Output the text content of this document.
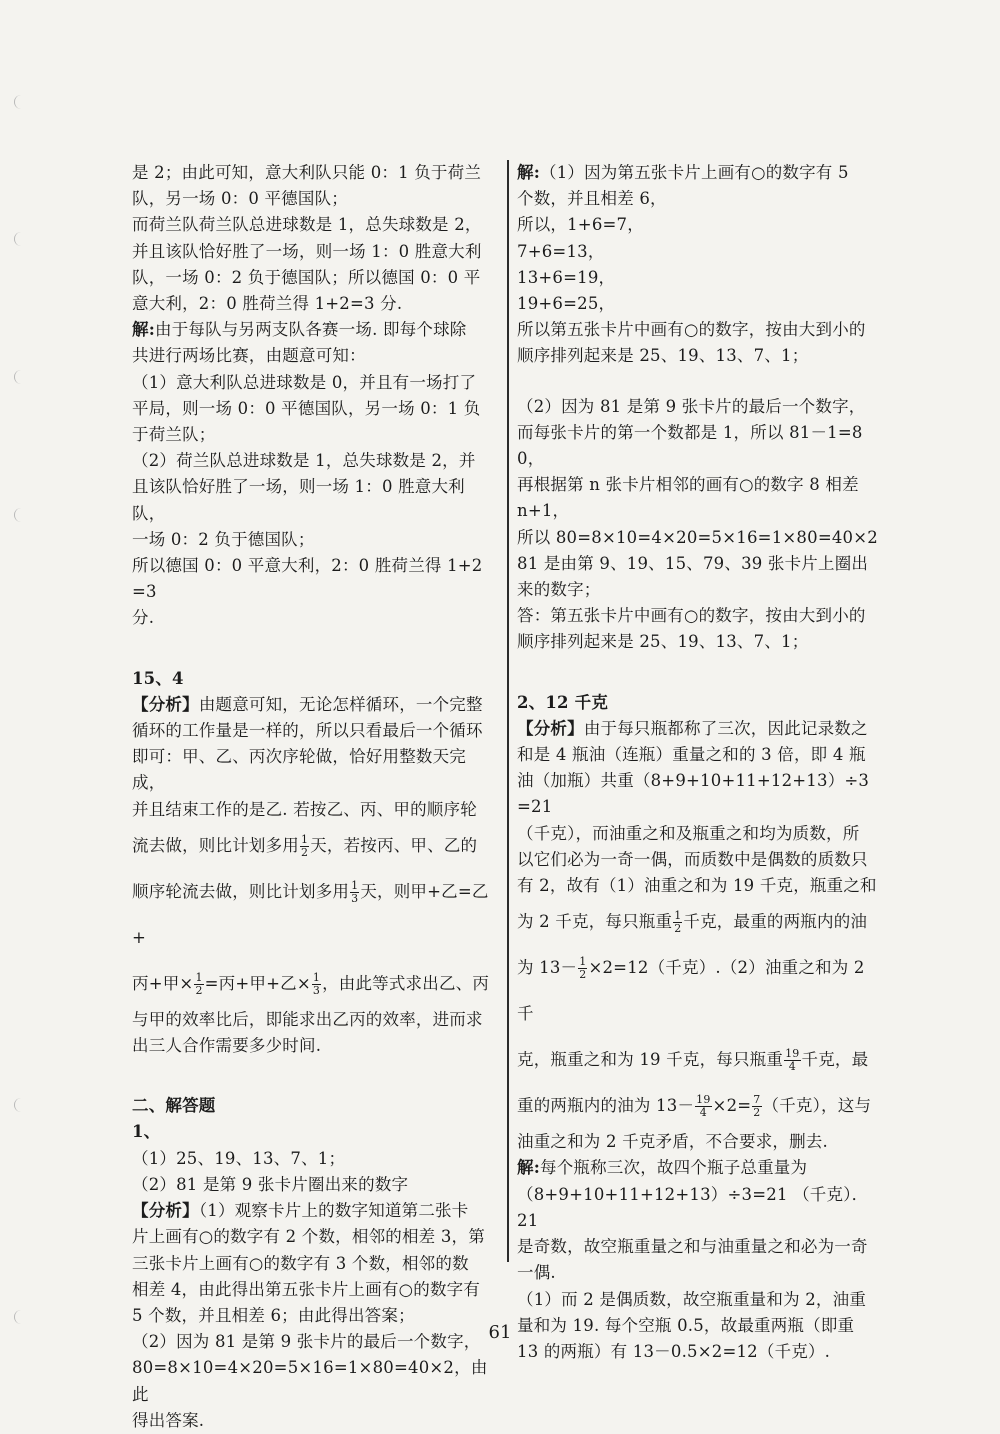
是 2；由此可知，意大利队只能 0：1 负于荷兰

队，另一场 0：0 平德国队；

而荷兰队荷兰队总进球数是 1，总失球数是 2，

并且该队恰好胜了一场，则一场 1：0 胜意大利

队，一场 0：2 负于德国队；所以德国 0：0 平

意大利，2：0 胜荷兰得 1+2=3 分.

解:由于每队与另两支队各赛一场. 即每个球除

共进行两场比赛，由题意可知：

（1）意大利队总进球数是 0，并且有一场打了

平局，则一场 0：0 平德国队，另一场 0：1 负

于荷兰队；

（2）荷兰队总进球数是 1，总失球数是 2，并

且该队恰好胜了一场，则一场 1：0 胜意大利队，

一场 0：2 负于德国队；

所以德国 0：0 平意大利，2：0 胜荷兰得 1+2=3

分.

15、4

【分析】由题意可知，无论怎样循环，一个完整

循环的工作量是一样的，所以只看最后一个循环

即可：甲、乙、丙次序轮做，恰好用整数天完成，

并且结束工作的是乙. 若按乙、丙、甲的顺序轮

流去做，则比计划多用 $\frac{1}{2}$ 天，若按丙、甲、乙的

顺序轮流去做，则比计划多用 $\frac{1}{3}$ 天，则甲+乙=乙+

丙+甲× $\frac{1}{2}$ =丙+甲+乙× $\frac{1}{3}$ ，由此等式求出乙、丙

与甲的效率比后，即能求出乙丙的效率，进而求

出三人合作需要多少时间.

二、解答题

1、

（1）25、19、13、7、1；

（2）81 是第 9 张卡片圈出来的数字

【分析】（1）观察卡片上的数字知道第二张卡

片上画有○的数字有 2 个数，相邻的相差 3，第

三张卡片上画有○的数字有 3 个数，相邻的数

相差 4，由此得出第五张卡片上画有○的数字有

5 个数，并且相差 6；由此得出答案；

（2）因为 81 是第 9 张卡片的最后一个数字，

80=8×10=4×20=5×16=1×80=40×2，由此

得出答案.

解:（1）因为第五张卡片上画有○的数字有 5

个数，并且相差 6，

所以，1+6=7，

7+6=13，

13+6=19，

19+6=25，

所以第五张卡片中画有○的数字，按由大到小的

顺序排列起来是 25、19、13、7、1；

（2）因为 81 是第 9 张卡片的最后一个数字，

而每张卡片的第一个数都是 1，所以 81－1=80，

再根据第 n 张卡片相邻的画有○的数字 8 相差

n+1，

所以 80=8×10=4×20=5×16=1×80=40×2

81 是由第 9、19、15、79、39 张卡片上圈出

来的数字；

答：第五张卡片中画有○的数字，按由大到小的

顺序排列起来是 25、19、13、7、1；

2、12 千克

【分析】由于每只瓶都称了三次，因此记录数之

和是 4 瓶油（连瓶）重量之和的 3 倍，即 4 瓶

油（加瓶）共重（8+9+10+11+12+13）÷3=21

（千克），而油重之和及瓶重之和均为质数，所

以它们必为一奇一偶，而质数中是偶数的质数只

有 2，故有（1）油重之和为 19 千克，瓶重之和

为 2 千克，每只瓶重 $\frac{1}{2}$ 千克，最重的两瓶内的油

为 $13- \frac{1}{2} \times 2=12$（千克）.（2）油重之和为 2 千

克，瓶重之和为 19 千克，每只瓶重 $\frac{19}{4}$ 千克，最

重的两瓶内的油为 $13- \frac{19}{4} \times 2= \frac{7}{2}$ （千克），这与

油重之和为 2 千克矛盾，不合要求，删去.

解:每个瓶称三次，故四个瓶子总重量为

（8+9+10+11+12+13）÷3=21 （千克）． 21

是奇数，故空瓶重量之和与油重量之和必为一奇

一偶.

（1）而 2 是偶质数，故空瓶重量和为 2，油重

量和为 19. 每个空瓶 0.5，故最重两瓶（即重

13 的两瓶）有 13－0.5×2=12（千克）.

61
